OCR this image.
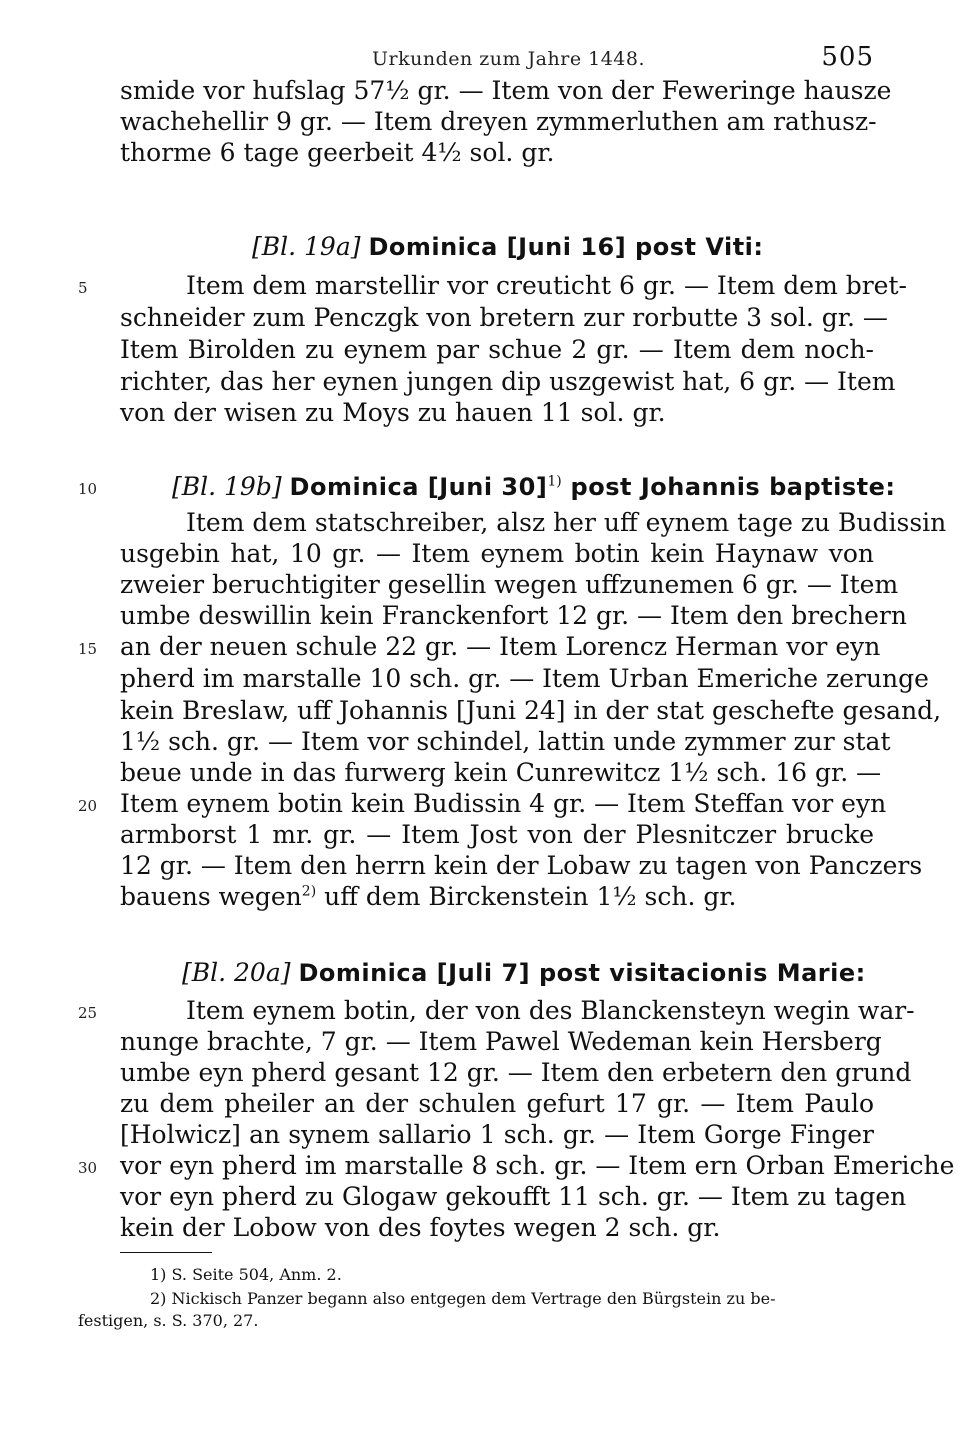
Urkunden zum Jahre 1448.	505
smide vor hufslag 57½ gr. — Item von der Feweringe hausze
wachehellir 9 gr. — Item dreyen zymmerluthen am rathusz-
thorme 6 tage geerbeit 4½ sol. gr.
[Bl. 19a] Dominica [Juni 16] post Viti:
Item dem marstellir vor creuticht 6 gr. — Item dem bret-
schneider zum Penczgk von bretern zur rorbutte 3 sol. gr. —
Item Birolden zu eynem par schue 2 gr. — Item dem noch-
richter, das her eynen jungen dip uszgewist hat, 6 gr. — Item
von der wisen zu Moys zu hauen 11 sol. gr.
[Bl. 19b] Dominica [Juni 30]$^{1)}$ post Johannis baptiste:
Item dem statschreiber, alsz her uff eynem tage zu Budissin
usgebin hat, 10 gr. — Item eynem botin kein Haynaw von
zweier beruchtigiter gesellin wegen uffzunemen 6 gr. — Item
umbe deswillin kein Franckenfort 12 gr. — Item den brechern
an der neuen schule 22 gr. — Item Lorencz Herman vor eyn
pherd im marstalle 10 sch. gr. — Item Urban Emeriche zerunge
kein Breslaw, uff Johannis [Juni 24] in der stat geschefte gesand,
1½ sch. gr. — Item vor schindel, lattin unde zymmer zur stat
beue unde in das furwerg kein Cunrewitcz 1½ sch. 16 gr. —
Item eynem botin kein Budissin 4 gr. — Item Steffan vor eyn
armborst 1 mr. gr. — Item Jost von der Plesnitczer brucke
12 gr. — Item den herrn kein der Lobaw zu tagen von Panczers
bauens wegen$^{2)}$ uff dem Birckenstein 1½ sch. gr.
[Bl. 20a] Dominica [Juli 7] post visitacionis Marie:
Item eynem botin, der von des Blanckensteyn wegin war-
nunge brachte, 7 gr. — Item Pawel Wedeman kein Hersberg
umbe eyn pherd gesant 12 gr. — Item den erbetern den grund
zu dem pheiler an der schulen gefurt 17 gr. — Item Paulo
[Holwicz] an synem sallario 1 sch. gr. — Item Gorge Finger
vor eyn pherd im marstalle 8 sch. gr. — Item ern Orban Emeriche
vor eyn pherd zu Glogaw gekoufft 11 sch. gr. — Item zu tagen
kein der Lobow von des foytes wegen 2 sch. gr.
5
10
15
20
25
30
1) S. Seite 504, Anm. 2.
2) Nickisch Panzer begann also entgegen dem Vertrage den Bürgstein zu be-
festigen, s. S. 370, 27.
